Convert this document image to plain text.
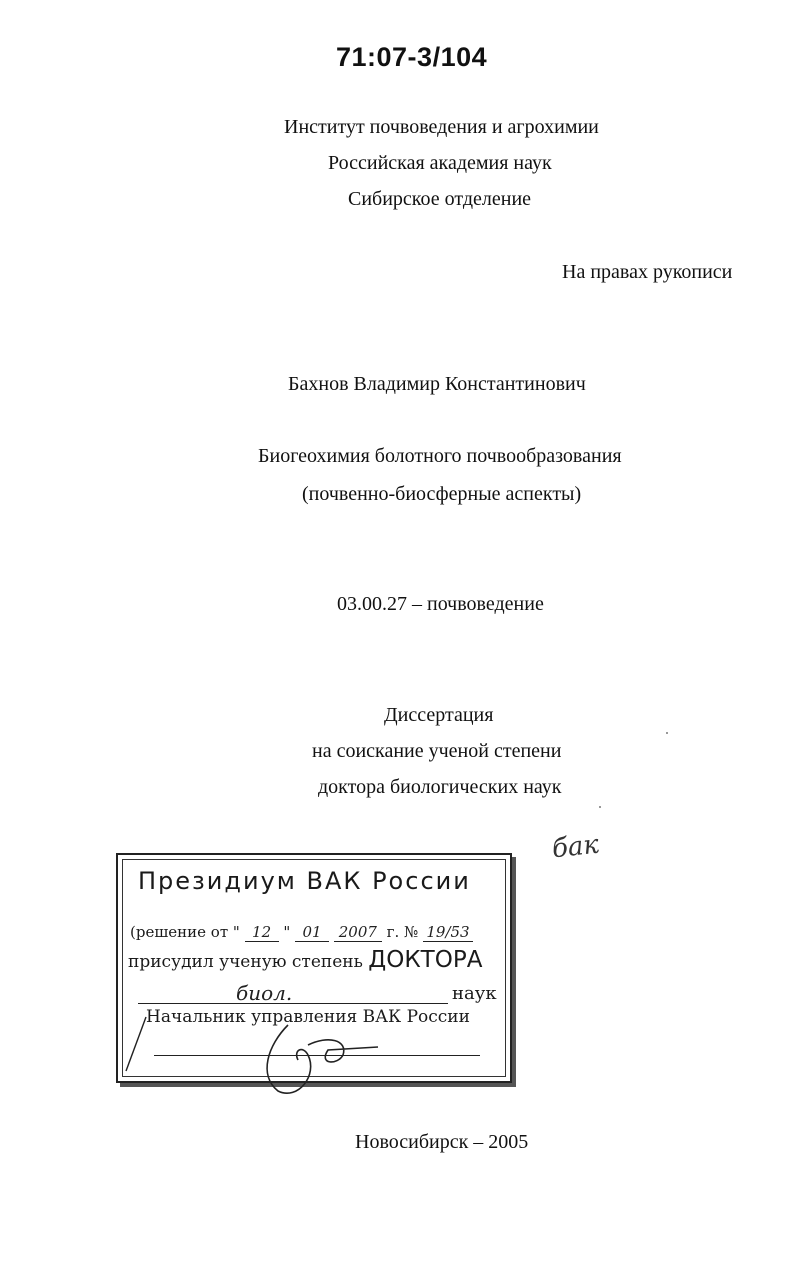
71:07-3/104
Институт почвоведения и агрохимии
Российская академия наук
Сибирское отделение
На правах рукописи
Бахнов Владимир Константинович
Биогеохимия болотного почвообразования
(почвенно-биосферные аспекты)
03.00.27 – почвоведение
Диссертация
на соискание ученой степени
доктора биологических наук
бак
Президиум ВАК России
(решение от " 12 " 01 2007 г. № 19/53
присудил ученую степень ДОКТОРА
биол.	наук
Начальник управления ВАК России
Новосибирск – 2005
